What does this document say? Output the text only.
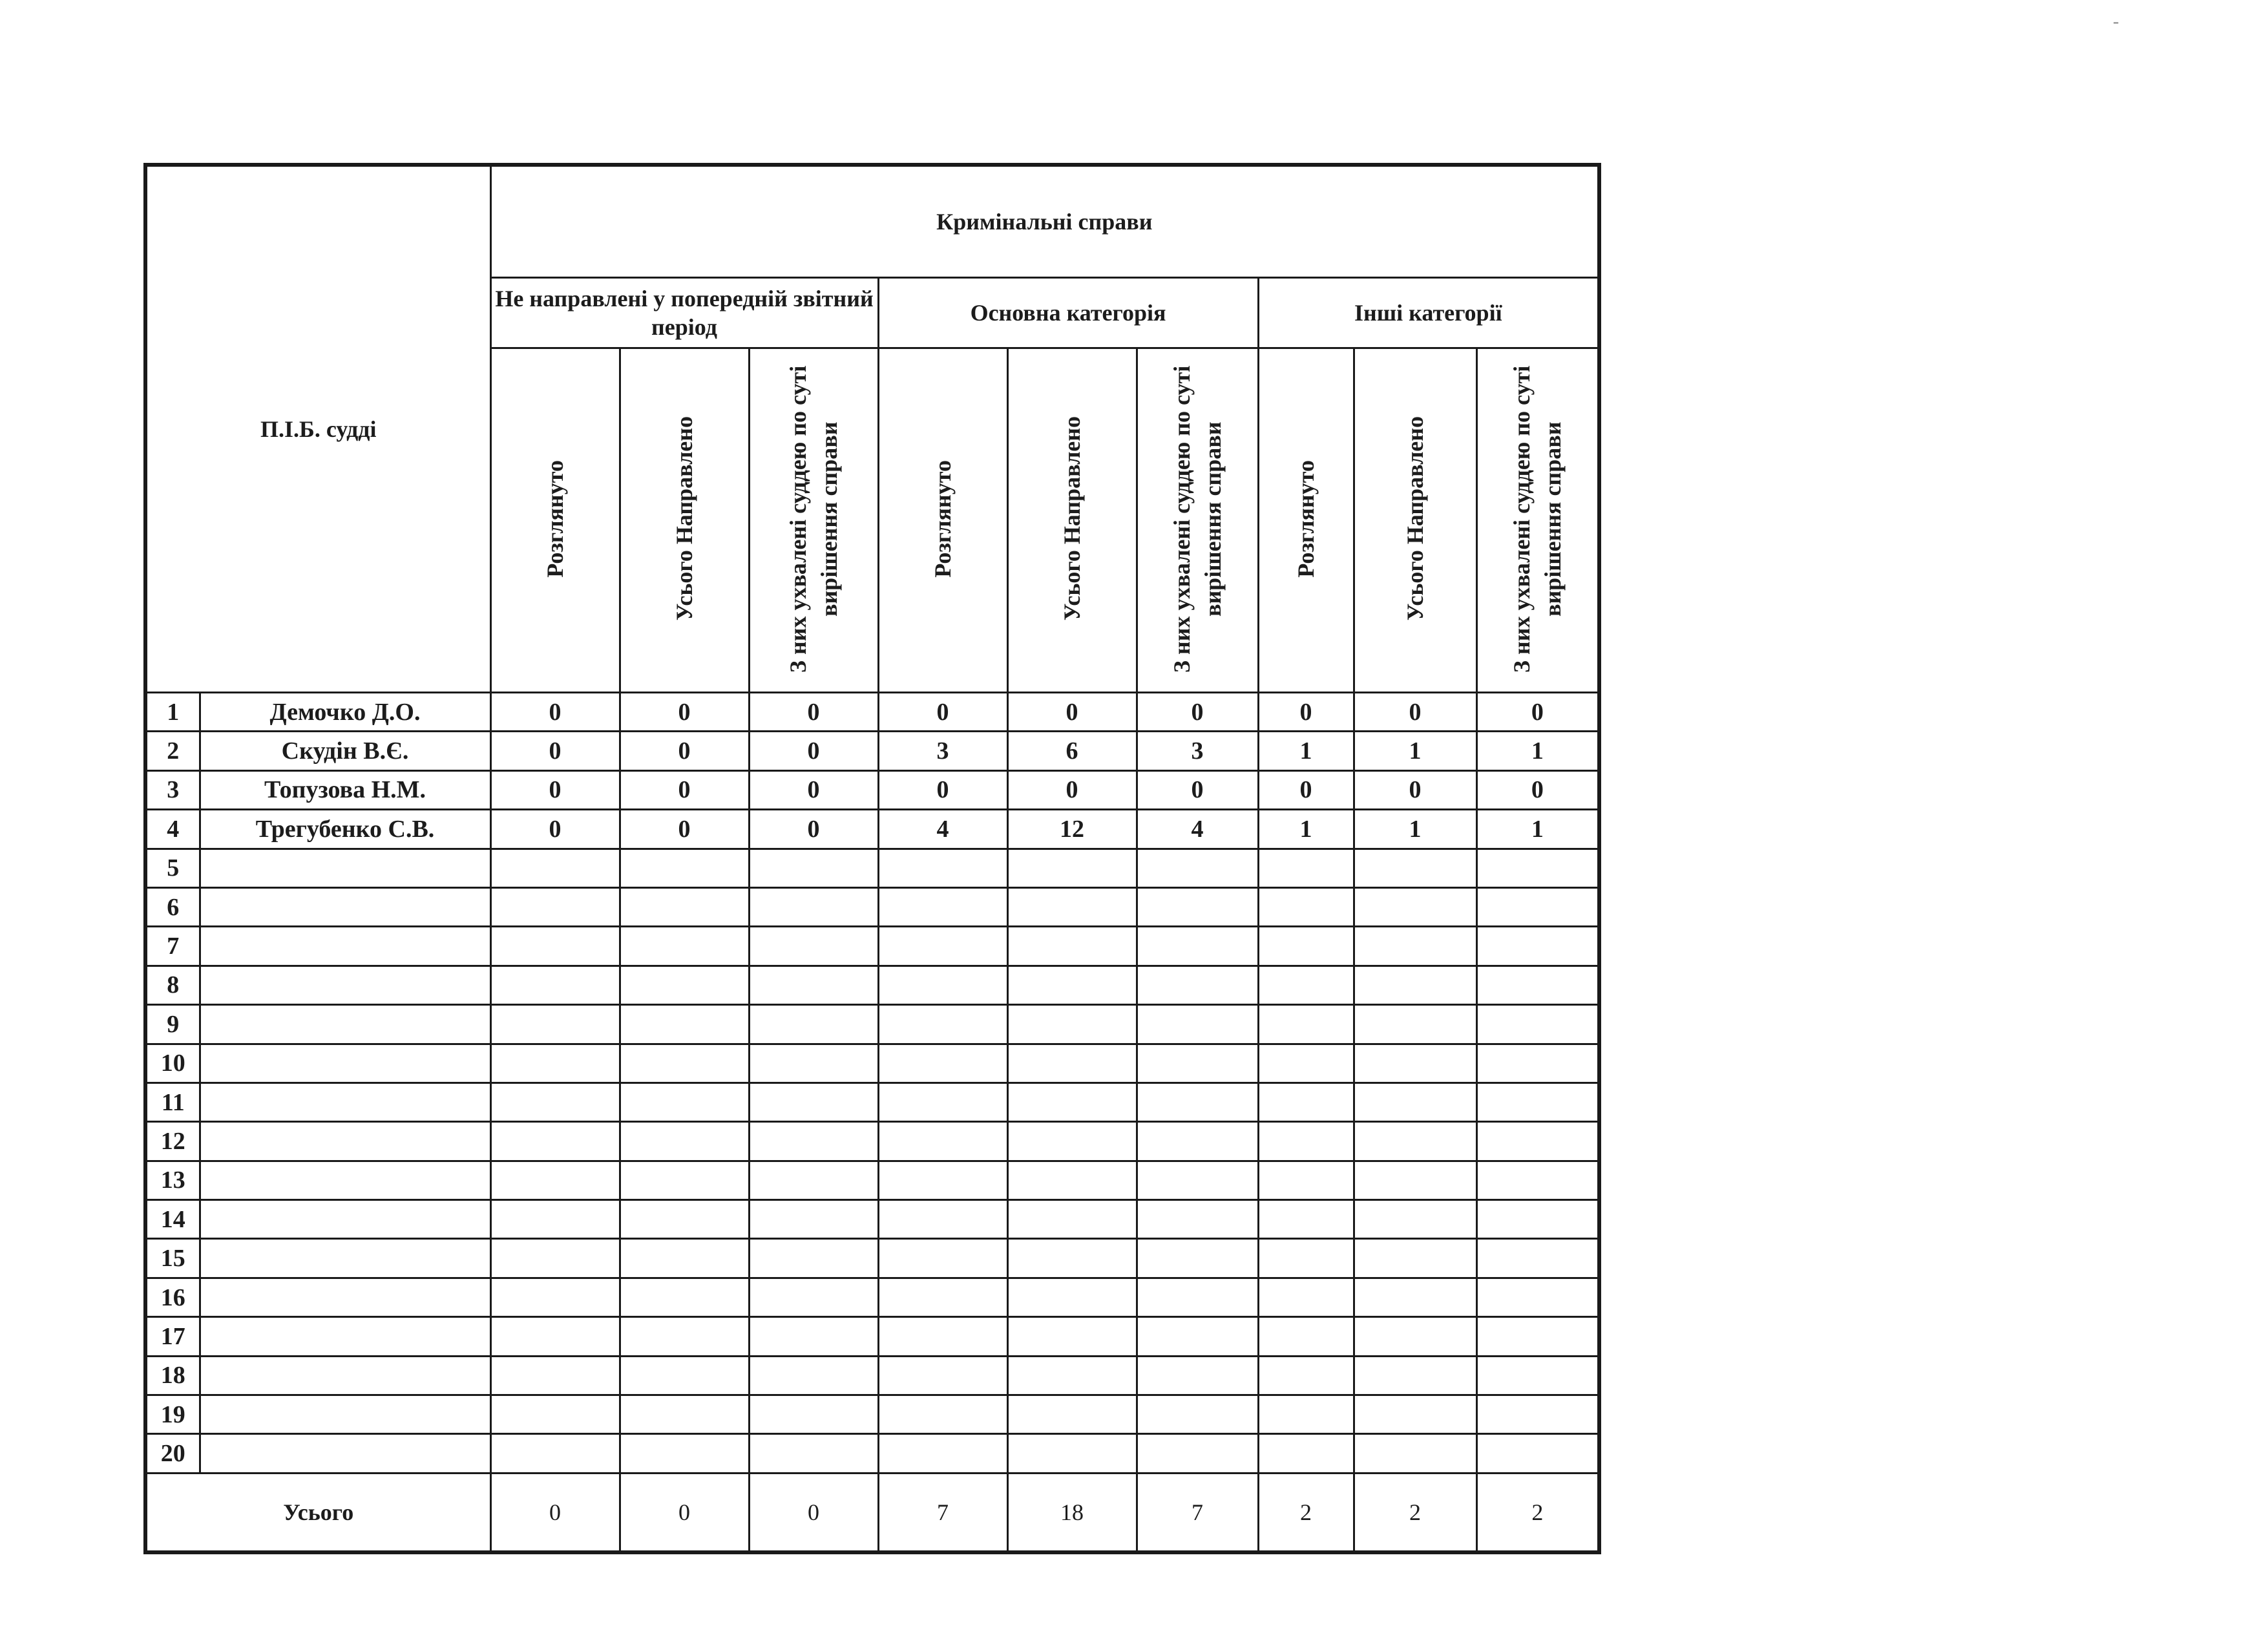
-
П.І.Б. судді		Кримінальні справи								
		Не направлені у попередній звітний період			Основна категорія			Інші категорії		
		Розглянуто	Усього Направлено	З них ухвалені суддею по суті вирішення справи	Розглянуто	Усього Направлено	З них ухвалені суддею по суті вирішення справи	Розглянуто	Усього Направлено	З них ухвалені суддею по суті вирішення справи
1	Демочко Д.О.	0	0	0	0	0	0	0	0	0
2	Скудін В.Є.	0	0	0	3	6	3	1	1	1
3	Топузова Н.М.	0	0	0	0	0	0	0	0	0
4	Трегубенко С.В.	0	0	0	4	12	4	1	1	1
5										
6										
7										
8										
9										
10										
11										
12										
13										
14										
15										
16										
17										
18										
19										
20										
Усього		0	0	0	7	18	7	2	2	2
